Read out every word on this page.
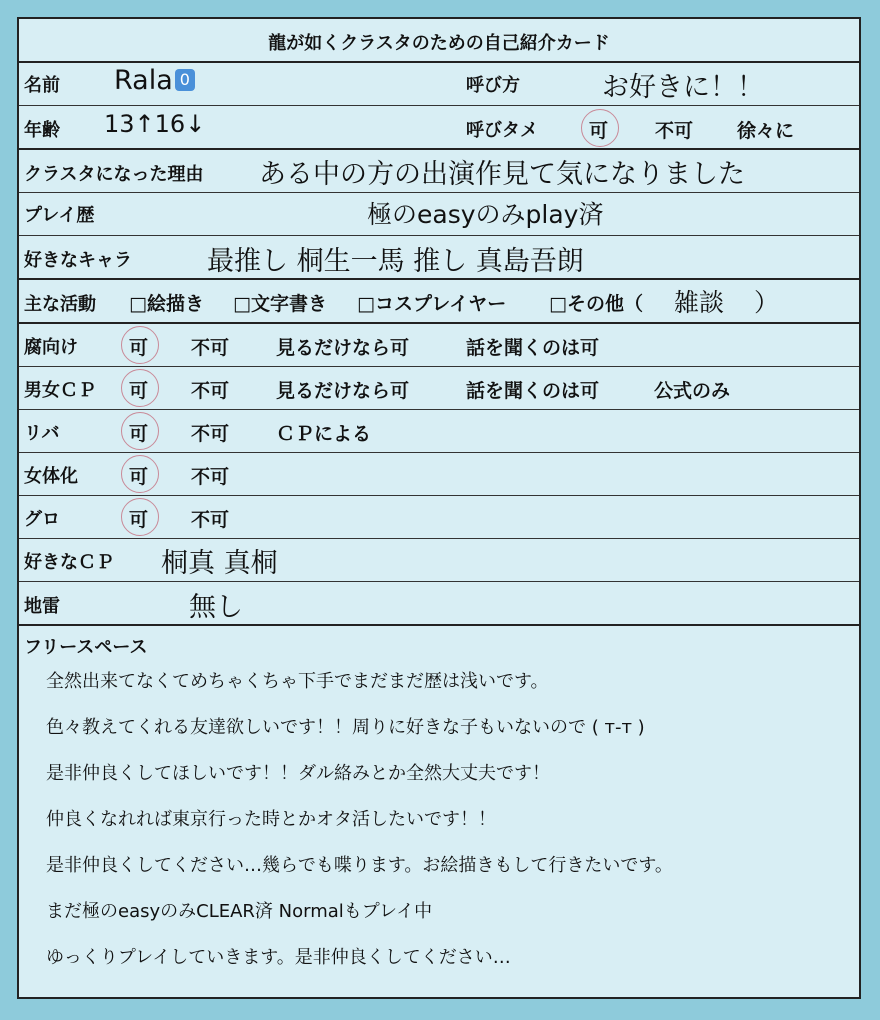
龍が如くクラスタのための自己紹介カード
名前 Rala 0	呼び方	お好きに！！
年齢 13↑16↓	呼びタメ	可 不可 徐々に
クラスタになった理由 ある中の方の出演作見て気になりました
プレイ歴	極のeasyのみplay済
好きなキャラ	最推し 桐生一馬 推し 真島吾朗
主な活動 □絵描き □文字書き □コスプレイヤー □その他（ 雑談 ）
腐向け	可 不可 見るだけなら可	話を聞くのは可
男女ＣＰ 可 不可 見るだけなら可	話を聞くのは可	公式のみ
リバ	可 不可 ＣＰによる
女体化	可 不可
グロ	可 不可
好きなＣＰ 桐真 真桐
地雷	無し
フリースペース
全然出来てなくてめちゃくちゃ下手でまだまだ歴は浅いです。
色々教えてくれる友達欲しいです！！周りに好きな子もいないので ( т-т )
是非仲良くしてほしいです！！ダル絡みとか全然大丈夫です！
仲良くなれれば東京行った時とかオタ活したいです！！
是非仲良くしてください…幾らでも喋ります。お絵描きもして行きたいです。
まだ極のeasyのみCLEAR済 Normalもプレイ中
ゆっくりプレイしていきます。是非仲良くしてください…
